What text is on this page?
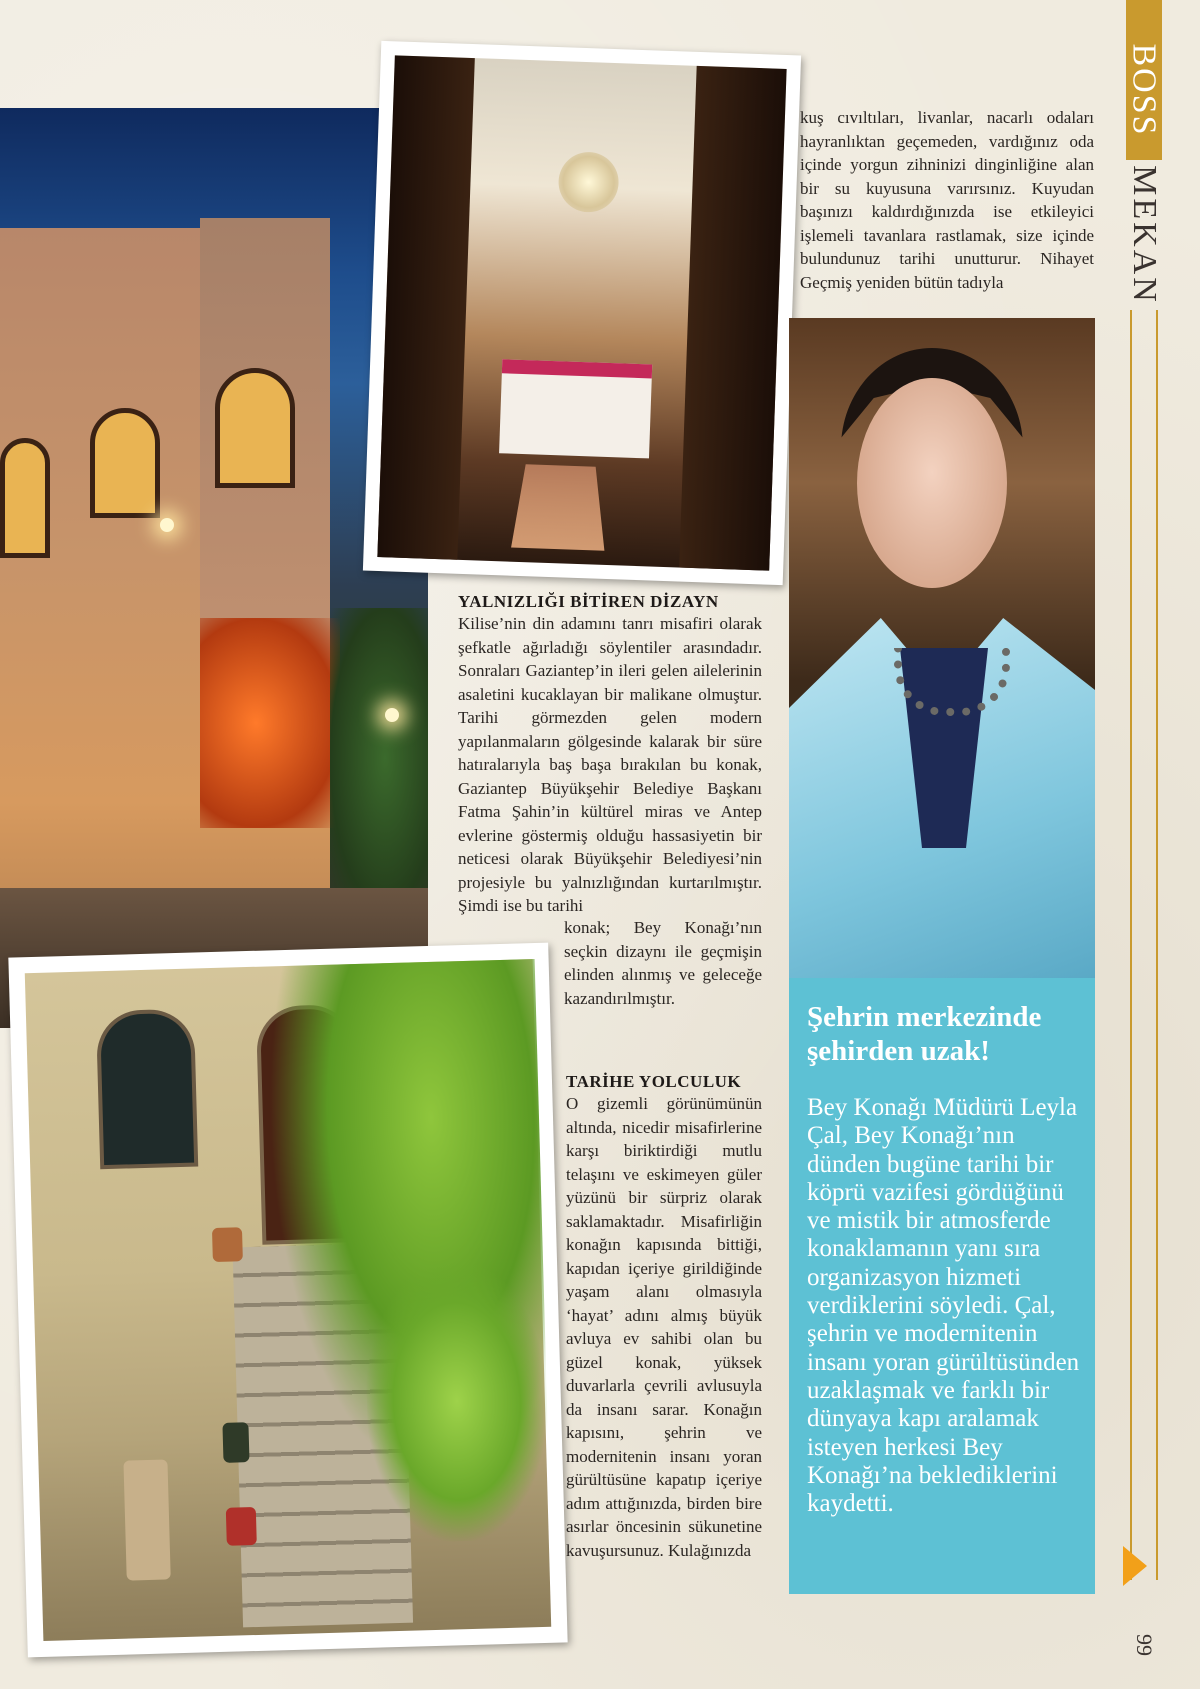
BOSS
MEKAN
99

kuş cıvıltıları, livanlar, nacarlı odaları hayranlıktan geçemeden, vardığınız oda içinde yorgun zihninizi dinginliğine alan bir su kuyusuna varırsınız. Kuyudan başınızı kaldırdığınızda ise etkileyici işlemeli tavanlara rastlamak, size içinde bulundunuz tarihi unutturur. Nihayet Geçmiş yeniden bütün tadıyla

YALNIZLIĞI BİTİREN DİZAYN

Kilise’nin din adamını tanrı misafiri olarak şefkatle ağırladığı söylentiler arasındadır. Sonraları Gaziantep’in ileri gelen ailelerinin asaletini kucaklayan bir malikane olmuştur. Tarihi görmezden gelen modern yapılanmaların gölgesinde kalarak bir süre hatıralarıyla baş başa bırakılan bu konak, Gaziantep Büyükşehir Belediye Başkanı Fatma Şahin’in kültürel miras ve Antep evlerine göstermiş olduğu hassasiyetin bir neticesi olarak Büyükşehir Belediyesi’nin projesiyle bu yalnızlığından kurtarılmıştır. Şimdi ise bu tarihi

konak; Bey Konağı’nın seçkin dizaynı ile geçmişin elinden alınmış ve geleceğe kazandırılmıştır.

TARİHE YOLCULUK

O gizemli görünümünün altında, nicedir misafirlerine karşı biriktirdiği mutlu telaşını ve eskimeyen güler yüzünü bir sürpriz olarak saklamaktadır. Misafirliğin konağın kapısında bittiği, kapıdan içeriye girildiğinde yaşam alanı olmasıyla ‘hayat’ adını almış büyük avluya ev sahibi olan bu güzel konak, yüksek duvarlarla çevrili avlusuyla da insanı sarar. Konağın kapısını, şehrin ve modernitenin insanı yoran gürültüsüne kapatıp içeriye adım attığınızda, birden bire asırlar öncesinin sükunetine kavuşursunuz. Kulağınızda

Şehrin merkezinde şehirden uzak!
Bey Konağı Müdürü Leyla Çal, Bey Konağı’nın dünden bugüne tarihi bir köprü vazifesi gördüğünü ve mistik bir atmosferde konaklamanın yanı sıra organizasyon hizmeti verdiklerini söyledi. Çal, şehrin ve modernitenin insanı yoran gürültüsünden uzaklaşmak ve farklı bir dünyaya kapı aralamak isteyen herkesi Bey Konağı’na beklediklerini kaydetti.
